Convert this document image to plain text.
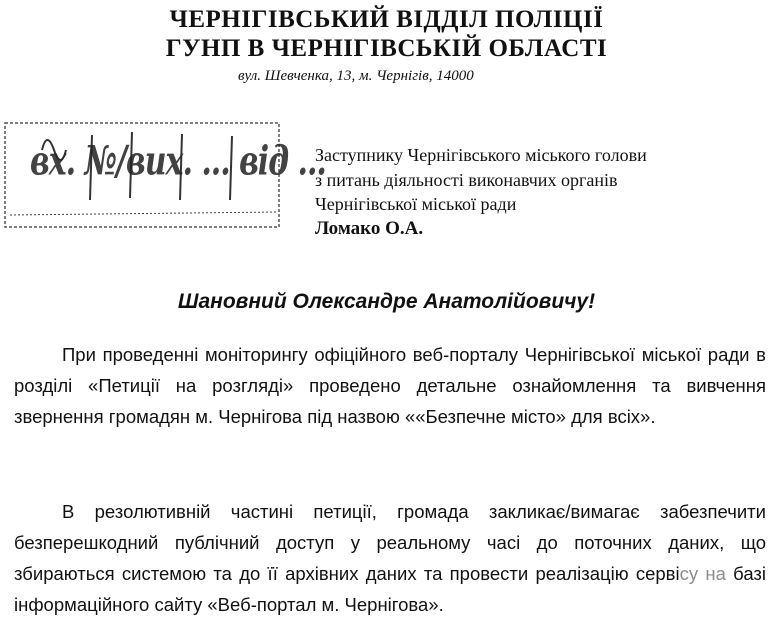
ЧЕРНІГІВСЬКИЙ ВІДДІЛ ПОЛІЦІЇ
ГУНП В ЧЕРНІГІВСЬКІЙ ОБЛАСТІ
вул. Шевченка, 13, м. Чернігів, 14000
вх. №/вих. ... від ...
Заступнику Чернігівського міського голови
з питань діяльності виконавчих органів
Чернігівської міської ради
Ломако О.А.
Шановний Олександре Анатолійовичу!
При проведенні моніторингу офіційного веб-порталу Чернігівської міської ради в розділі «Петиції на розгляді» проведено детальне ознайомлення та вивчення звернення громадян м. Чернігова під назвою ««Безпечне місто» для всіх».
В резолютивній частині петиції, громада закликає/вимагає забезпечити безперешкодний публічний доступ у реальному часі до поточних даних, що збираються системою та до її архівних даних та провести реалізацію сервісу на базі інформаційного сайту «Веб-портал м. Чернігова».
